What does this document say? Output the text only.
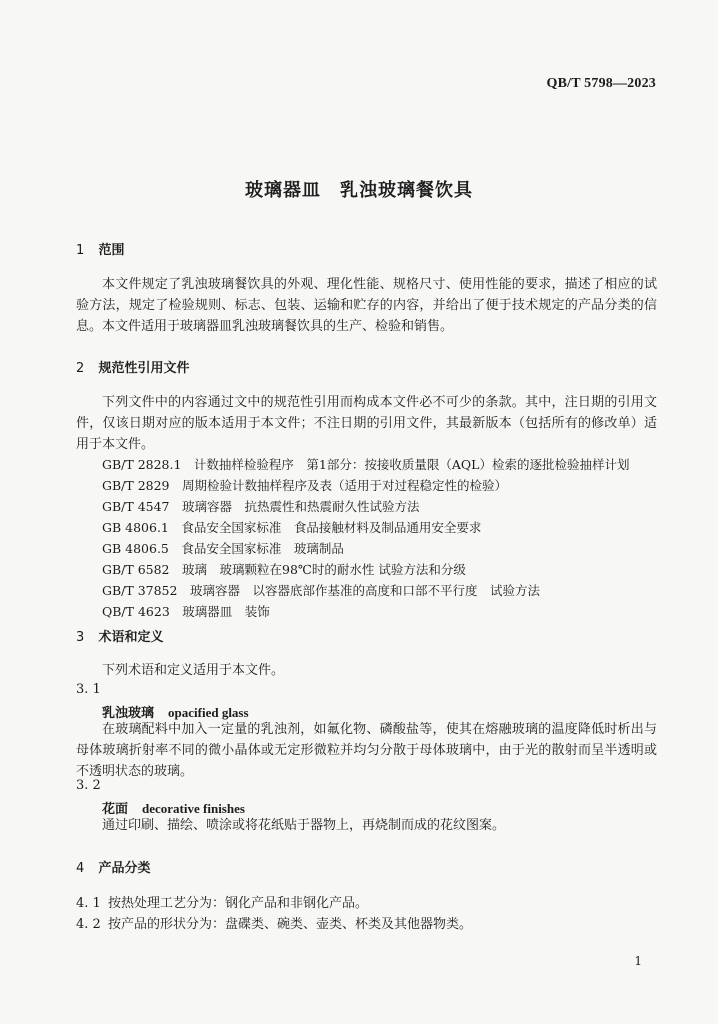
QB/T 5798—2023
玻璃器皿　乳浊玻璃餐饮具
1 范围
本文件规定了乳浊玻璃餐饮具的外观、理化性能、规格尺寸、使用性能的要求，描述了相应的试验方法，规定了检验规则、标志、包装、运输和贮存的内容，并给出了便于技术规定的产品分类的信息。 本文件适用于玻璃器皿乳浊玻璃餐饮具的生产、检验和销售。
2 规范性引用文件
下列文件中的内容通过文中的规范性引用而构成本文件必不可少的条款。其中，注日期的引用文件，仅该日期对应的版本适用于本文件；不注日期的引用文件，其最新版本（包括所有的修改单）适用于本文件。
GB/T 2828.1　计数抽样检验程序　第1部分：按接收质量限（AQL）检索的逐批检验抽样计划
GB/T 2829　周期检验计数抽样程序及表（适用于对过程稳定性的检验）
GB/T 4547　玻璃容器　抗热震性和热震耐久性试验方法
GB 4806.1　食品安全国家标准　食品接触材料及制品通用安全要求
GB 4806.5　食品安全国家标准　玻璃制品
GB/T 6582　玻璃　玻璃颗粒在98℃时的耐水性 试验方法和分级
GB/T 37852　玻璃容器　以容器底部作基准的高度和口部不平行度　试验方法
QB/T 4623　玻璃器皿　装饰
3 术语和定义
下列术语和定义适用于本文件。
3. 1
乳浊玻璃 opacified glass
在玻璃配料中加入一定量的乳浊剂，如氟化物、磷酸盐等，使其在熔融玻璃的温度降低时析出与母体玻璃折射率不同的微小晶体或无定形微粒并均匀分散于母体玻璃中，由于光的散射而呈半透明或不透明状态的玻璃。
3. 2
花面 decorative finishes
通过印刷、描绘、喷涂或将花纸贴于器物上，再烧制而成的花纹图案。
4 产品分类
4. 1 按热处理工艺分为：钢化产品和非钢化产品。
4. 2 按产品的形状分为：盘碟类、碗类、壶类、杯类及其他器物类。
1
